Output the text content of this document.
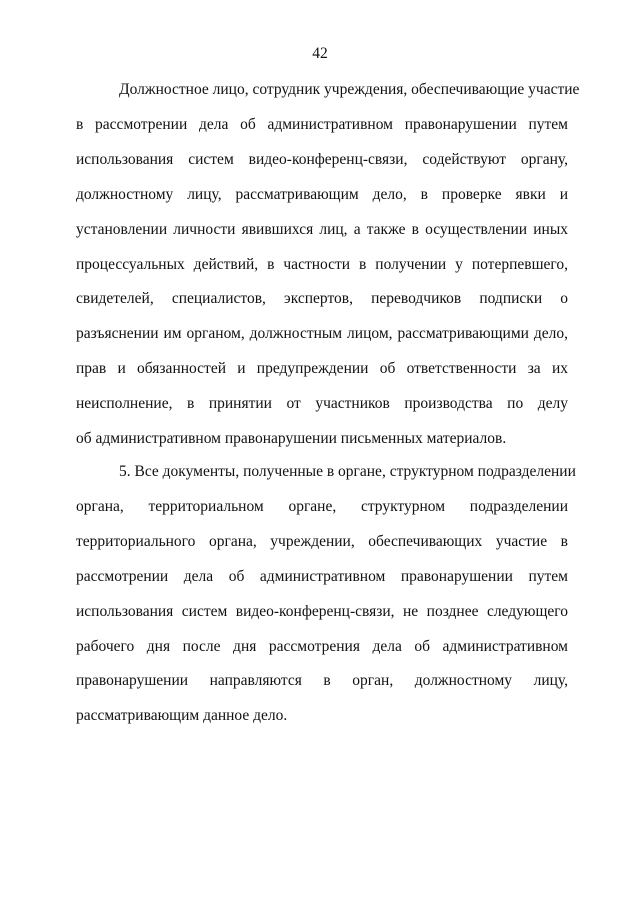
42

Должностное лицо, сотрудник учреждения, обеспечивающие участие
в рассмотрении дела об административном правонарушении путем
использования систем видео-конференц-связи, содействуют органу,
должностному лицу, рассматривающим дело, в проверке явки и
установлении личности явившихся лиц, а также в осуществлении иных
процессуальных действий, в частности в получении у потерпевшего,
свидетелей, специалистов, экспертов, переводчиков подписки о
разъяснении им органом, должностным лицом, рассматривающими дело,
прав и обязанностей и предупреждении об ответственности за их
неисполнение, в принятии от участников производства по делу
об административном правонарушении письменных материалов.

5. Все документы, полученные в органе, структурном подразделении
органа, территориальном органе, структурном подразделении
территориального органа, учреждении, обеспечивающих участие в
рассмотрении дела об административном правонарушении путем
использования систем видео-конференц-связи, не позднее следующего
рабочего дня после дня рассмотрения дела об административном
правонарушении направляются в орган, должностному лицу,
рассматривающим данное дело.
